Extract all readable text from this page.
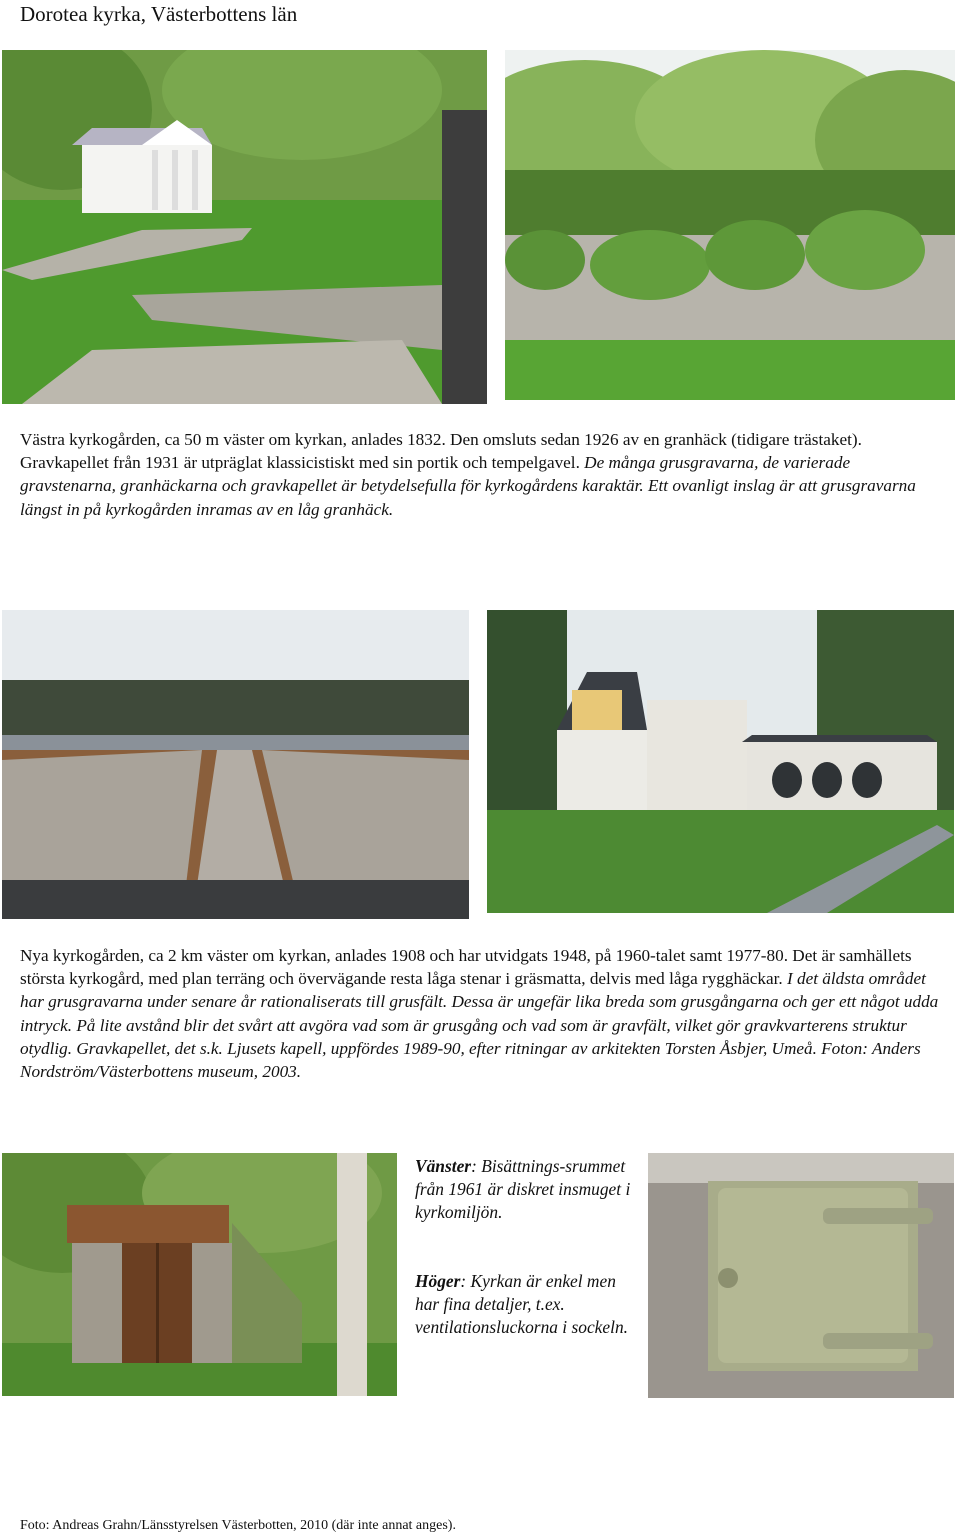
Dorotea kyrka, Västerbottens län
Västra kyrkogården, ca 50 m väster om kyrkan, anlades 1832. Den omsluts sedan 1926 av en granhäck (tidigare trästaket). Gravkapellet från 1931 är utpräglat klassicistiskt med sin portik och tempelgavel. De många grusgravarna, de varierade gravstenarna, granhäckarna och gravkapellet är betydelsefulla för kyrkogårdens karaktär. Ett ovanligt inslag är att grusgravarna längst in på kyrkogården inramas av en låg granhäck.
Nya kyrkogården, ca 2 km väster om kyrkan, anlades 1908 och har utvidgats 1948, på 1960-talet samt 1977-80. Det är samhällets största kyrkogård, med plan terräng och övervägande resta låga stenar i gräsmatta, delvis med låga rygghäckar. I det äldsta området har grusgravarna under senare år rationaliserats till grusfält. Dessa är ungefär lika breda som grusgångarna och ger ett något udda intryck. På lite avstånd blir det svårt att avgöra vad som är grusgång och vad som är gravfält, vilket gör gravkvarterens struktur otydlig. Gravkapellet, det s.k. Ljusets kapell, uppfördes 1989-90, efter ritningar av arkitekten Torsten Åsbjer, Umeå. Foton: Anders Nordström/Västerbottens museum, 2003.
Vänster: Bisättnings-srummet från 1961 är diskret insmuget i kyrkomiljön.
Höger: Kyrkan är enkel men har fina detaljer, t.ex. ventilationsluckorna i sockeln.
Foto: Andreas Grahn/Länsstyrelsen Västerbotten, 2010 (där inte annat anges).
